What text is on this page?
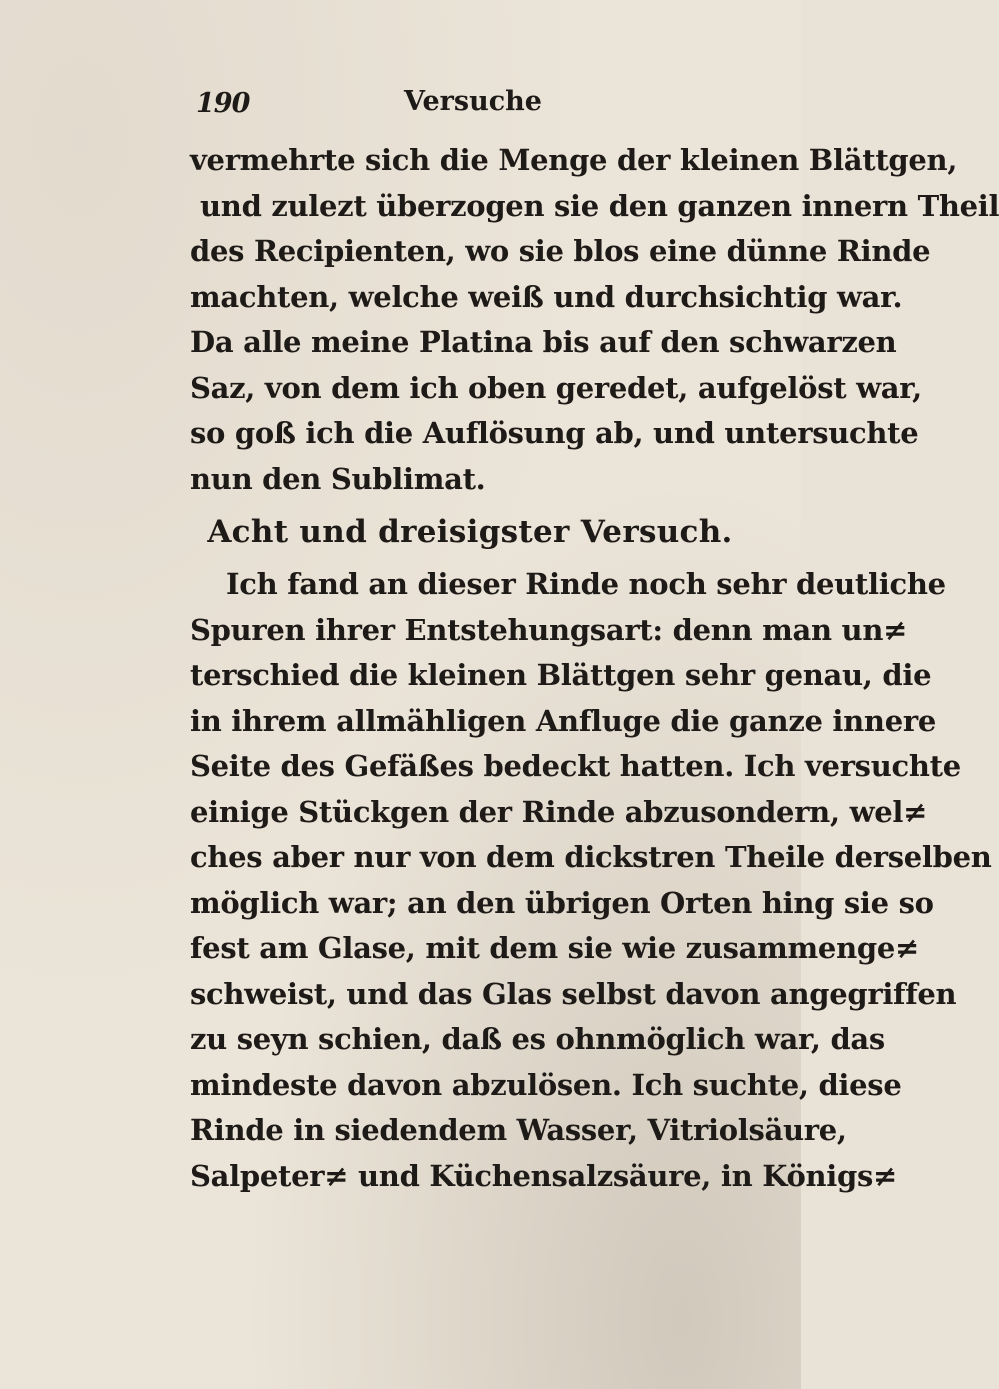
190	Versuche
vermehrte sich die Menge der kleinen Blättgen,
und zulezt überzogen sie den ganzen innern Theil
des Recipienten, wo sie blos eine dünne Rinde
machten, welche weiß und durchsichtig war.
Da alle meine Platina bis auf den schwarzen
Saz, von dem ich oben geredet, aufgelöst war,
so goß ich die Auflösung ab, und untersuchte
nun den Sublimat.
Acht und dreisigster Versuch.
Ich fand an dieser Rinde noch sehr deutliche
Spuren ihrer Entstehungsart: denn man un≠
terschied die kleinen Blättgen sehr genau, die
in ihrem allmähligen Anfluge die ganze innere
Seite des Gefäßes bedeckt hatten. Ich versuchte
einige Stückgen der Rinde abzusondern, wel≠
ches aber nur von dem dickstren Theile derselben
möglich war; an den übrigen Orten hing sie so
fest am Glase, mit dem sie wie zusammenge≠
schweist, und das Glas selbst davon angegriffen
zu seyn schien, daß es ohnmöglich war, das
mindeste davon abzulösen. Ich suchte, diese
Rinde in siedendem Wasser, Vitriolsäure,
Salpeter≠ und Küchensalzsäure, in Königs≠
